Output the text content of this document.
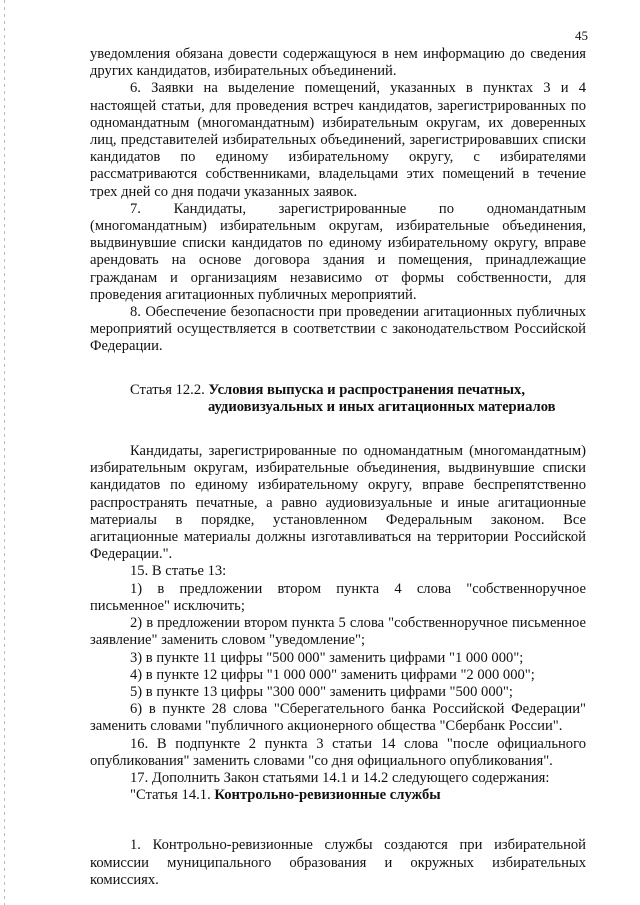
45

уведомления обязана довести содержащуюся в нем информацию до сведения других кандидатов, избирательных объединений.

6. Заявки на выделение помещений, указанных в пунктах 3 и 4 настоящей статьи, для проведения встреч кандидатов, зарегистрированных по одномандатным (многомандатным) избирательным округам, их доверенных лиц, представителей избирательных объединений, зарегистрировавших списки кандидатов по единому избирательному округу, с избирателями рассматриваются собственниками, владельцами этих помещений в течение трех дней со дня подачи указанных заявок.

7. Кандидаты, зарегистрированные по одномандатным (многомандатным) избирательным округам, избирательные объединения, выдвинувшие списки кандидатов по единому избирательному округу, вправе арендовать на основе договора здания и помещения, принадлежащие гражданам и организациям независимо от формы собственности, для проведения агитационных публичных мероприятий.

8. Обеспечение безопасности при проведении агитационных публичных мероприятий осуществляется в соответствии с законодательством Российской Федерации.

Статья 12.2. Условия выпуска и распространения печатных,
аудиовизуальных и иных агитационных материалов

Кандидаты, зарегистрированные по одномандатным (многомандатным) избирательным округам, избирательные объединения, выдвинувшие списки кандидатов по единому избирательному округу, вправе беспрепятственно распространять печатные, а равно аудиовизуальные и иные агитационные материалы в порядке, установленном Федеральным законом. Все агитационные материалы должны изготавливаться на территории Российской Федерации.".

15. В статье 13:

1) в предложении втором пункта 4 слова "собственноручное письменное" исключить;

2) в предложении втором пункта 5 слова "собственноручное письменное заявление" заменить словом "уведомление";

3) в пункте 11 цифры "500 000" заменить цифрами "1 000 000";

4) в пункте 12 цифры "1 000 000" заменить цифрами "2 000 000";

5) в пункте 13 цифры "300 000" заменить цифрами "500 000";

6) в пункте 28 слова "Сберегательного банка Российской Федерации" заменить словами "публичного акционерного общества "Сбербанк России".

16. В подпункте 2 пункта 3 статьи 14 слова "после официального опубликования" заменить словами "со дня официального опубликования".

17. Дополнить Закон статьями 14.1 и 14.2 следующего содержания:

"Статья 14.1. Контрольно-ревизионные службы

1. Контрольно-ревизионные службы создаются при избирательной комиссии муниципального образования и окружных избирательных комиссиях.
